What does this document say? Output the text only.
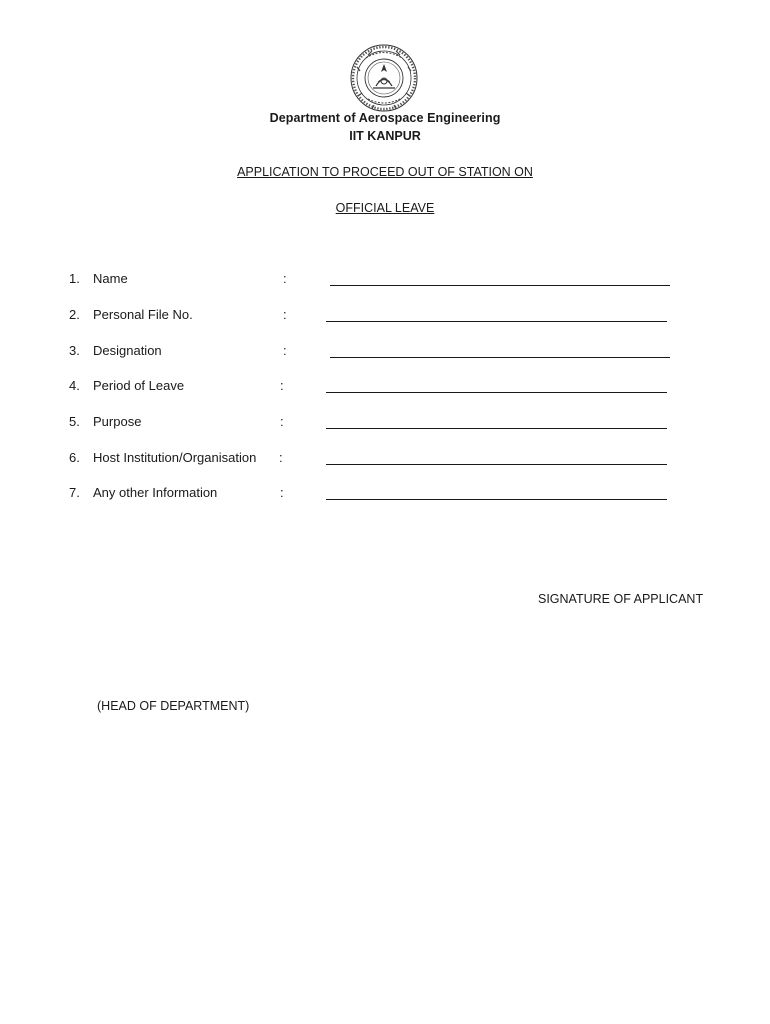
Department of Aerospace Engineering
IIT KANPUR
APPLICATION TO PROCEED OUT OF STATION ON
OFFICIAL LEAVE
1. Name	:
2. Personal File No.	:
3. Designation	:
4. Period of Leave	:
5. Purpose	:
6. Host Institution/Organisation :
7. Any other Information	:
SIGNATURE OF APPLICANT
(HEAD OF DEPARTMENT)
